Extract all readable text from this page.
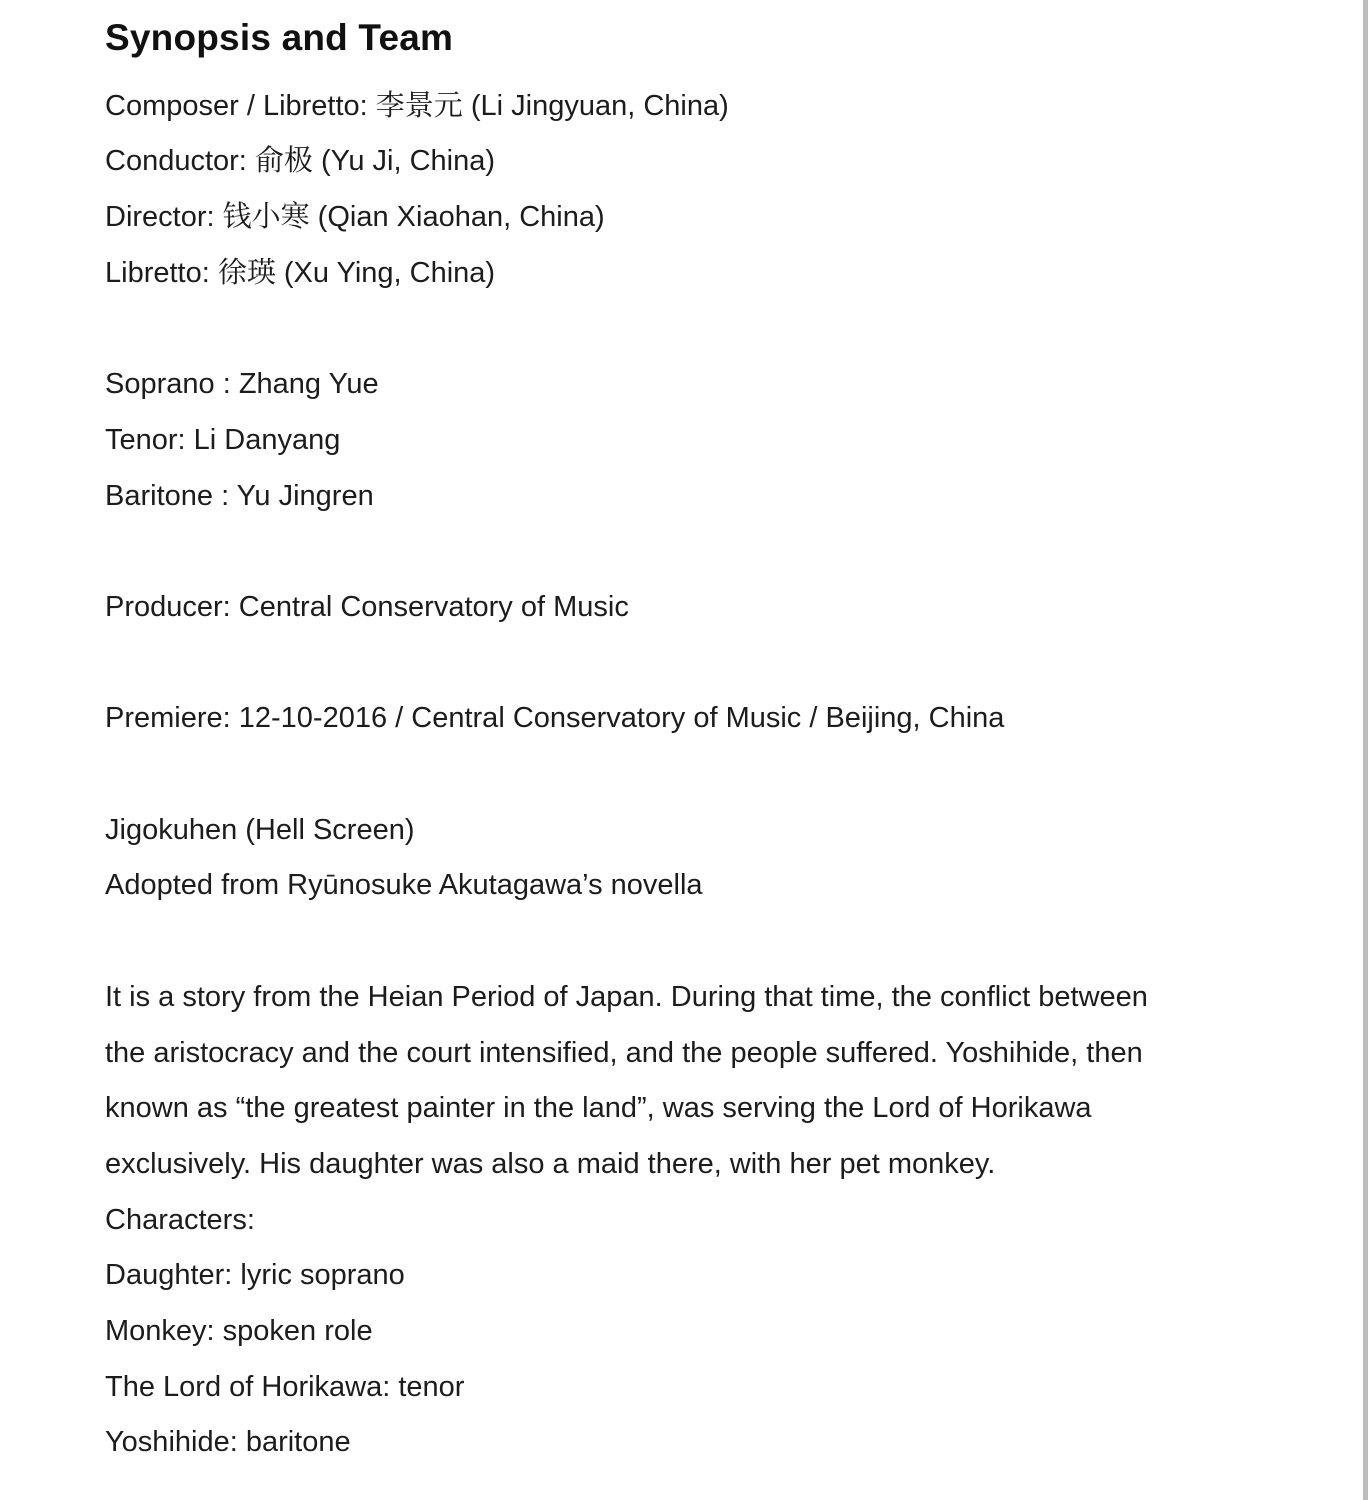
Synopsis and Team
Composer / Libretto: 李景元 (Li Jingyuan, China)
Conductor: 俞极 (Yu Ji, China)
Director: 钱小寒 (Qian Xiaohan, China)
Libretto: 徐瑛 (Xu Ying, China)
Soprano : Zhang Yue
Tenor: Li Danyang
Baritone : Yu Jingren
Producer: Central Conservatory of Music
Premiere: 12-10-2016 / Central Conservatory of Music / Beijing, China
Jigokuhen (Hell Screen)
Adopted from Ryūnosuke Akutagawa’s novella
It is a story from the Heian Period of Japan. During that time, the conflict between
the aristocracy and the court intensified, and the people suffered. Yoshihide, then
known as “the greatest painter in the land”, was serving the Lord of Horikawa
exclusively. His daughter was also a maid there, with her pet monkey.
Characters:
Daughter: lyric soprano
Monkey: spoken role
The Lord of Horikawa: tenor
Yoshihide: baritone
